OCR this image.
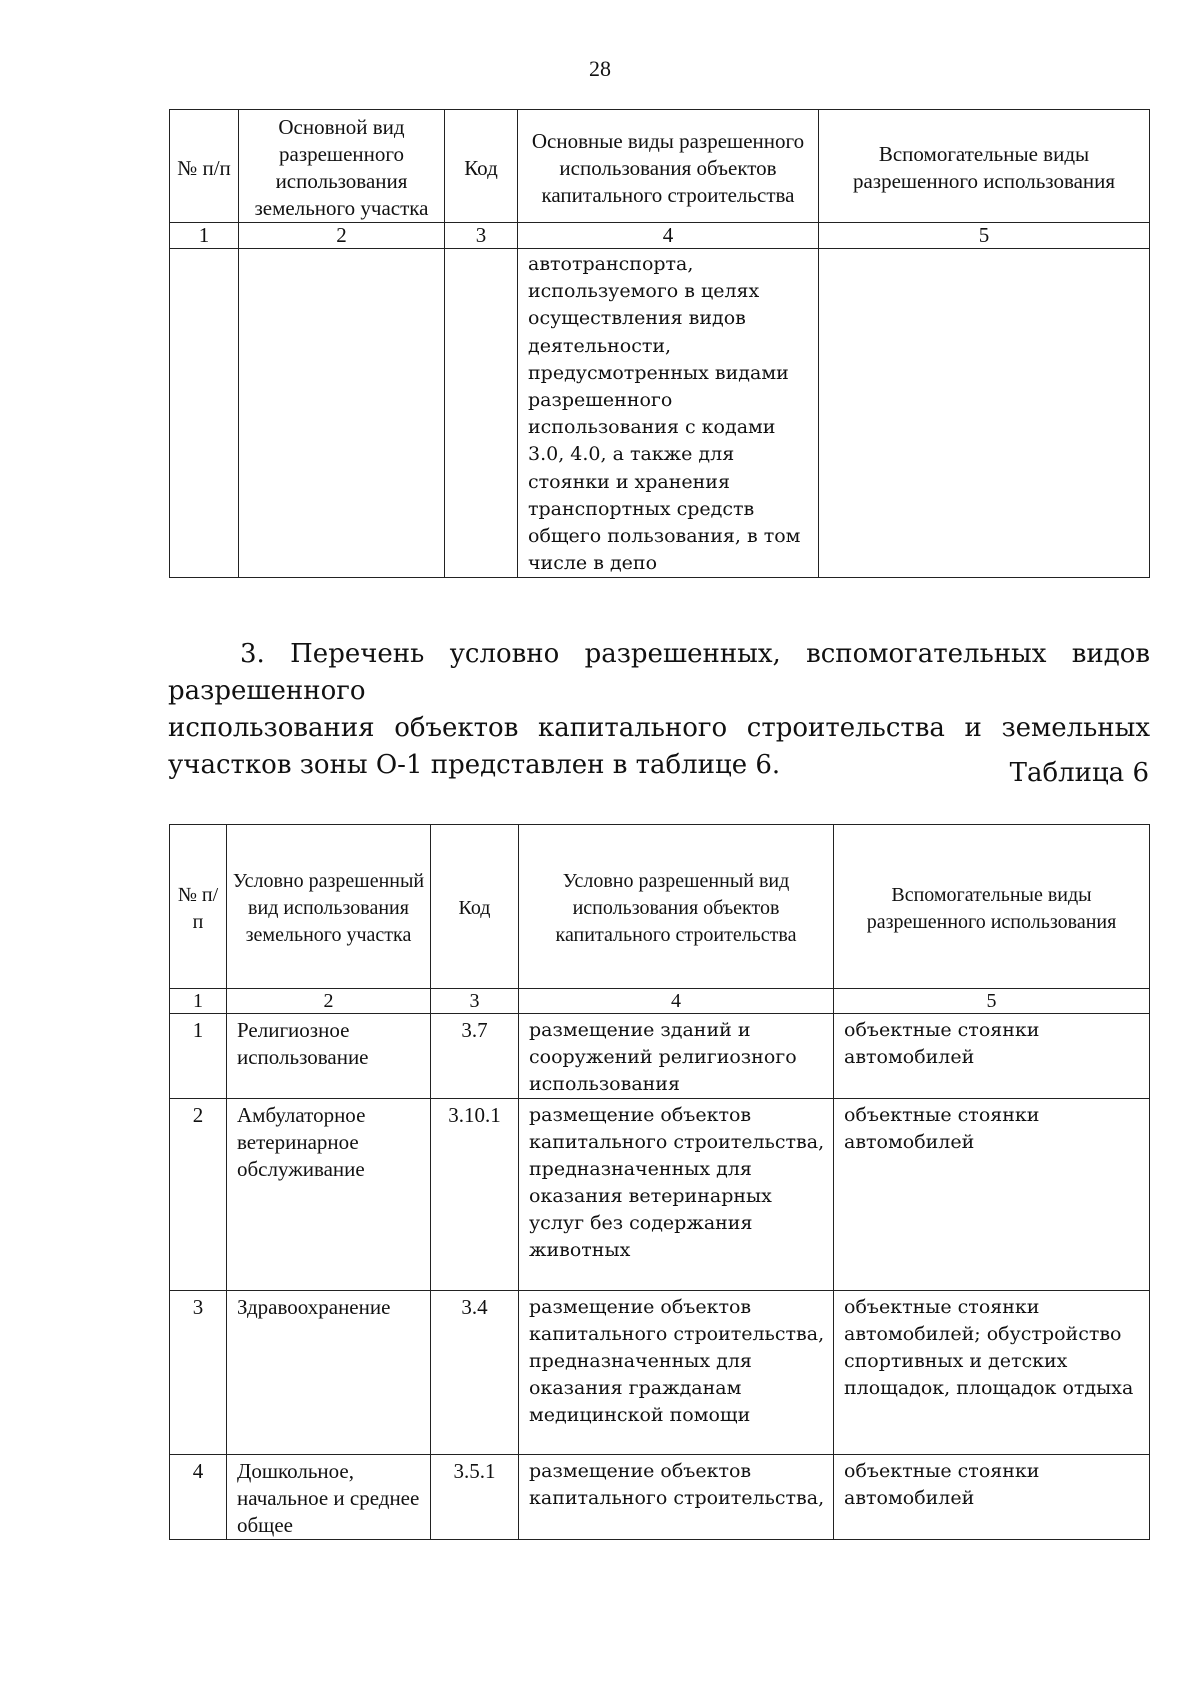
28
№ п/п	Основной вид разрешенного использования земельного участка	Код	Основные виды разрешенного использования объектов капитального строительства	Вспомогательные виды разрешенного использования
1	2	3	4	5
			автотранспорта, используемого в целях осуществления видов деятельности, предусмотренных видами разрешенного использования с кодами 3.0, 4.0, а также для стоянки и хранения транспортных средств общего пользования, в том числе в депо	

3. Перечень условно разрешенных, вспомогательных видов разрешенного
использования объектов капитального строительства и земельных участков зоны О-1 представлен в таблице 6.	Таблица 6
№ п/п	Условно разрешенный вид использования земельного участка	Код	Условно разрешенный вид использования объектов капитального строительства	Вспомогательные виды разрешенного использования
1	2	3	4	5
1	Религиозное использование	3.7	размещение зданий и сооружений религиозного использования	объектные стоянки автомобилей
2	Амбулаторное ветеринарное обслуживание	3.10.1	размещение объектов капитального строительства, предназначенных для оказания ветеринарных услуг без содержания животных	объектные стоянки автомобилей
3	Здравоохранение	3.4	размещение объектов капитального строительства, предназначенных для оказания гражданам медицинской помощи	объектные стоянки автомобилей; обустройство спортивных и детских площадок, площадок отдыха
4	Дошкольное, начальное и среднее общее	3.5.1	размещение объектов капитального строительства,	объектные стоянки автомобилей
